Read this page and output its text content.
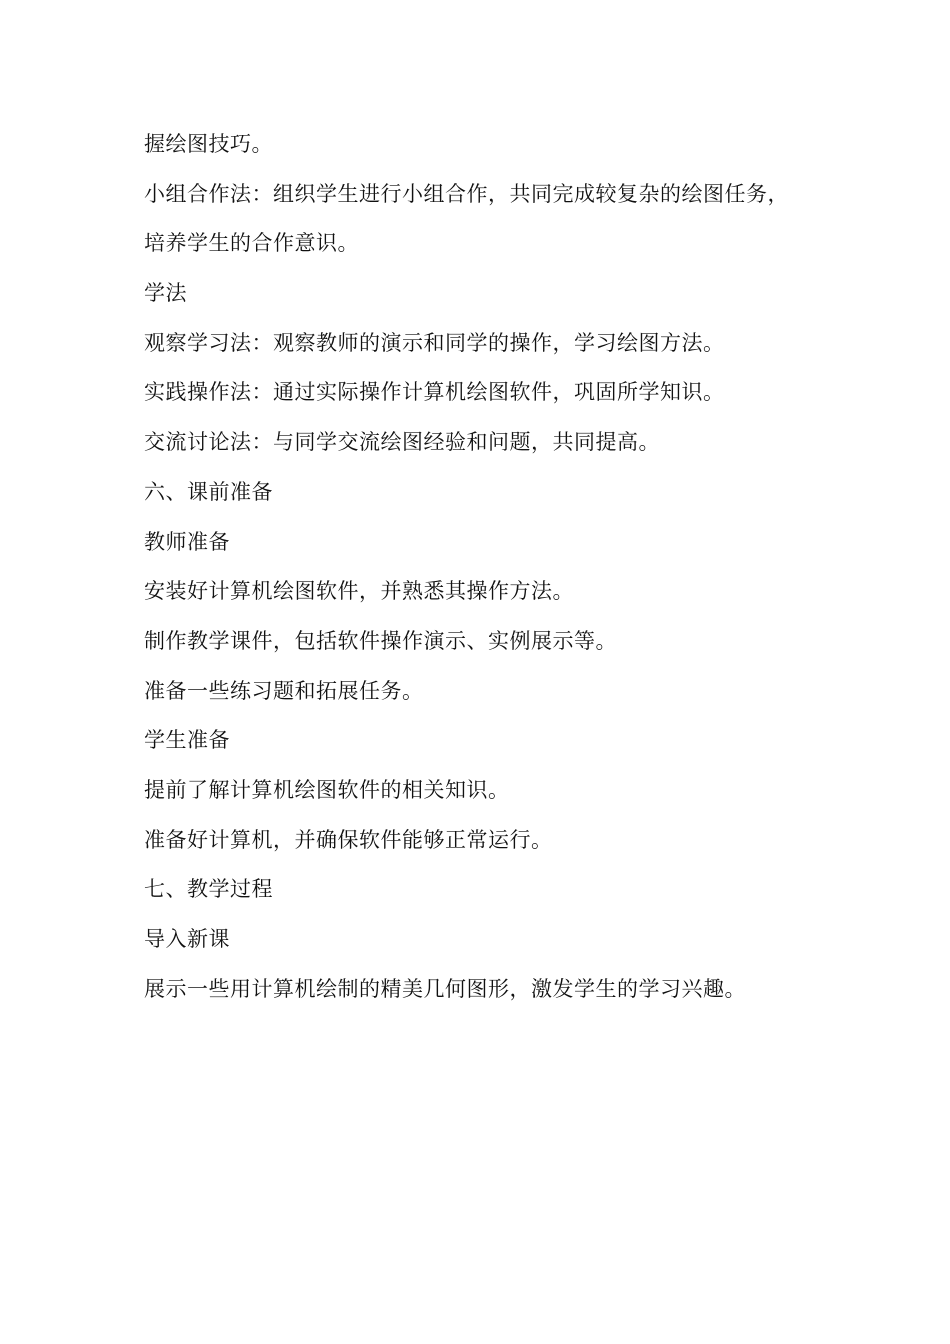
握绘图技巧。
小组合作法：组织学生进行小组合作，共同完成较复杂的绘图任务，
培养学生的合作意识。
学法
观察学习法：观察教师的演示和同学的操作，学习绘图方法。
实践操作法：通过实际操作计算机绘图软件，巩固所学知识。
交流讨论法：与同学交流绘图经验和问题，共同提高。
六、课前准备
教师准备
安装好计算机绘图软件，并熟悉其操作方法。
制作教学课件，包括软件操作演示、实例展示等。
准备一些练习题和拓展任务。
学生准备
提前了解计算机绘图软件的相关知识。
准备好计算机，并确保软件能够正常运行。
七、教学过程
导入新课
展示一些用计算机绘制的精美几何图形，激发学生的学习兴趣。
